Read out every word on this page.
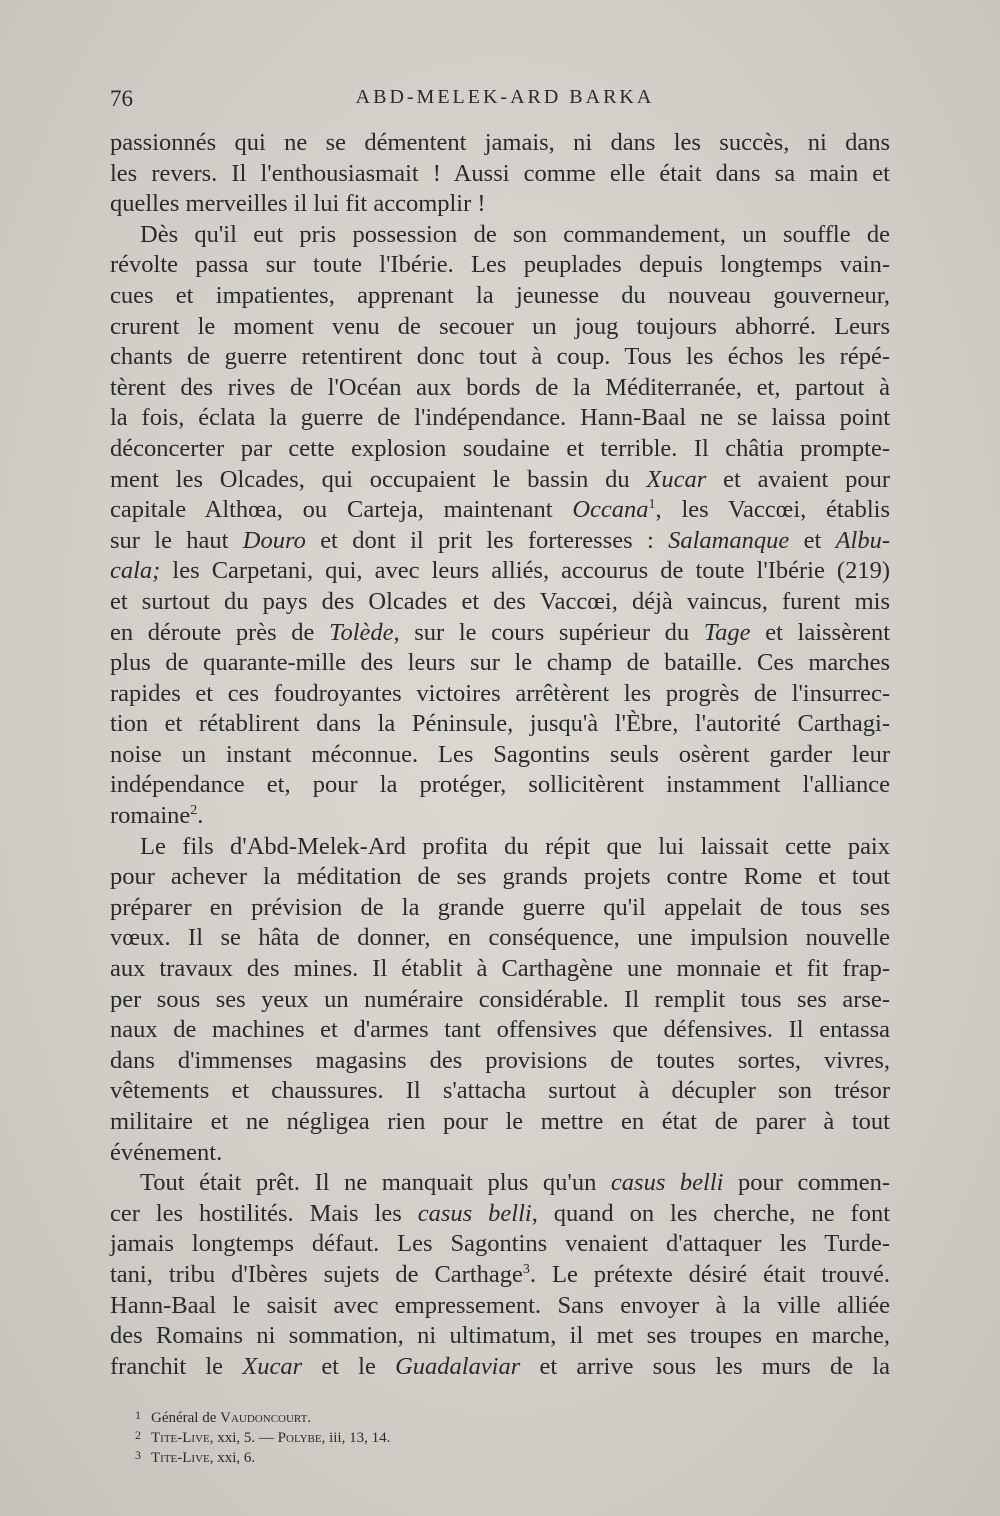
76	ABD-MELEK-ARD BARKA
passionnés qui ne se démentent jamais, ni dans les succès, ni dans
les revers. Il l'enthousiasmait ! Aussi comme elle était dans sa main et
quelles merveilles il lui fit accomplir !
Dès qu'il eut pris possession de son commandement, un souffle de
révolte passa sur toute l'Ibérie. Les peuplades depuis longtemps vain-
cues et impatientes, apprenant la jeunesse du nouveau gouverneur,
crurent le moment venu de secouer un joug toujours abhorré. Leurs
chants de guerre retentirent donc tout à coup. Tous les échos les répé-
tèrent des rives de l'Océan aux bords de la Méditerranée, et, partout à
la fois, éclata la guerre de l'indépendance. Hann-Baal ne se laissa point
déconcerter par cette explosion soudaine et terrible. Il châtia prompte-
ment les Olcades, qui occupaient le bassin du Xucar et avaient pour
capitale Althœa, ou Carteja, maintenant Occana$^1$, les Vaccœi, établis
sur le haut Douro et dont il prit les forteresses : Salamanque et Albu-
cala; les Carpetani, qui, avec leurs alliés, accourus de toute l'Ibérie (219)
et surtout du pays des Olcades et des Vaccœi, déjà vaincus, furent mis
en déroute près de Tolède, sur le cours supérieur du Tage et laissèrent
plus de quarante-mille des leurs sur le champ de bataille. Ces marches
rapides et ces foudroyantes victoires arrêtèrent les progrès de l'insurrec-
tion et rétablirent dans la Péninsule, jusqu'à l'Èbre, l'autorité Carthagi-
noise un instant méconnue. Les Sagontins seuls osèrent garder leur
indépendance et, pour la protéger, sollicitèrent instamment l'alliance
romaine$^2$.
Le fils d'Abd-Melek-Ard profita du répit que lui laissait cette paix
pour achever la méditation de ses grands projets contre Rome et tout
préparer en prévision de la grande guerre qu'il appelait de tous ses
vœux. Il se hâta de donner, en conséquence, une impulsion nouvelle
aux travaux des mines. Il établit à Carthagène une monnaie et fit frap-
per sous ses yeux un numéraire considérable. Il remplit tous ses arse-
naux de machines et d'armes tant offensives que défensives. Il entassa
dans d'immenses magasins des provisions de toutes sortes, vivres,
vêtements et chaussures. Il s'attacha surtout à décupler son trésor
militaire et ne négligea rien pour le mettre en état de parer à tout
événement.
Tout était prêt. Il ne manquait plus qu'un casus belli pour commen-
cer les hostilités. Mais les casus belli, quand on les cherche, ne font
jamais longtemps défaut. Les Sagontins venaient d'attaquer les Turde-
tani, tribu d'Ibères sujets de Carthage$^3$. Le prétexte désiré était trouvé.
Hann-Baal le saisit avec empressement. Sans envoyer à la ville alliée
des Romains ni sommation, ni ultimatum, il met ses troupes en marche,
franchit le Xucar et le Guadalaviar et arrive sous les murs de la
1 Général de Vaudoncourt.
2 Tite-Live, xxi, 5. — Polybe, iii, 13, 14.
3 Tite-Live, xxi, 6.
